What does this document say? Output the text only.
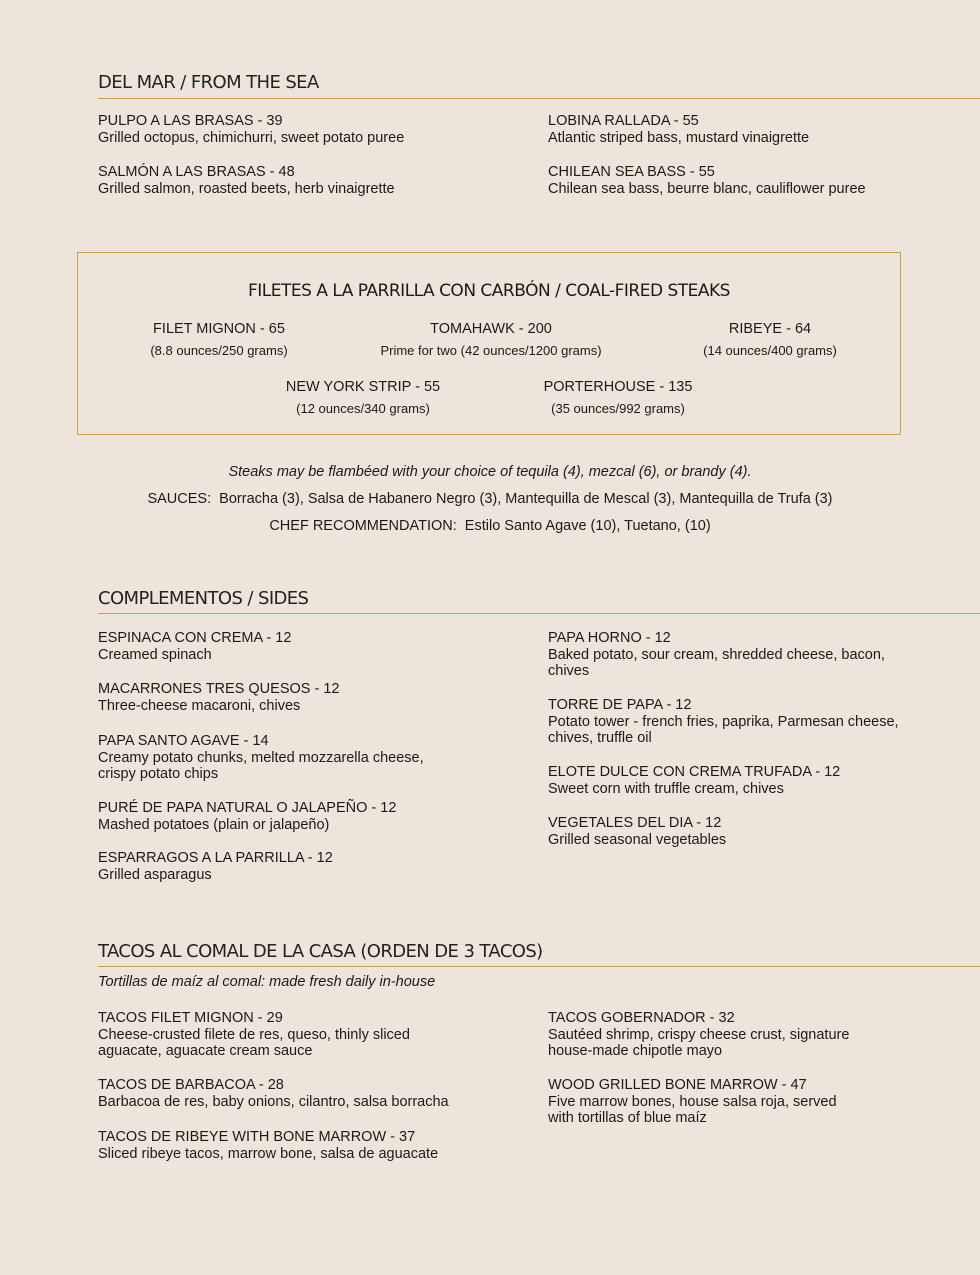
DEL MAR / FROM THE SEA
PULPO A LAS BRASAS - 39
Grilled octopus, chimichurri, sweet potato puree
SALMÓN A LAS BRASAS - 48
Grilled salmon, roasted beets, herb vinaigrette
LOBINA RALLADA - 55
Atlantic striped bass, mustard vinaigrette
CHILEAN SEA BASS - 55
Chilean sea bass, beurre blanc, cauliflower puree
FILETES A LA PARRILLA CON CARBÓN / COAL-FIRED STEAKS
FILET MIGNON - 65
(8.8 ounces/250 grams)
TOMAHAWK - 200
Prime for two (42 ounces/1200 grams)
RIBEYE - 64
(14 ounces/400 grams)
NEW YORK STRIP - 55
(12 ounces/340 grams)
PORTERHOUSE - 135
(35 ounces/992 grams)
Steaks may be flambéed with your choice of tequila (4), mezcal (6), or brandy (4).
SAUCES:  Borracha (3), Salsa de Habanero Negro (3), Mantequilla de Mescal (3), Mantequilla de Trufa (3)
CHEF RECOMMENDATION:  Estilo Santo Agave (10), Tuetano, (10)
COMPLEMENTOS / SIDES
ESPINACA CON CREMA - 12
Creamed spinach
MACARRONES TRES QUESOS - 12
Three-cheese macaroni, chives
PAPA SANTO AGAVE - 14
Creamy potato chunks, melted mozzarella cheese, crispy potato chips
PURÉ DE PAPA NATURAL O JALAPEÑO - 12
Mashed potatoes (plain or jalapeño)
ESPARRAGOS A LA PARRILLA - 12
Grilled asparagus
PAPA HORNO - 12
Baked potato, sour cream, shredded cheese, bacon, chives
TORRE DE PAPA - 12
Potato tower - french fries, paprika, Parmesan cheese, chives, truffle oil
ELOTE DULCE CON CREMA TRUFADA - 12
Sweet corn with truffle cream, chives
VEGETALES DEL DIA - 12
Grilled seasonal vegetables
TACOS AL COMAL DE LA CASA (ORDEN DE 3 TACOS)
Tortillas de maíz al comal: made fresh daily in-house
TACOS FILET MIGNON - 29
Cheese-crusted filete de res, queso, thinly sliced aguacate, aguacate cream sauce
TACOS DE BARBACOA - 28
Barbacoa de res, baby onions, cilantro, salsa borracha
TACOS DE RIBEYE WITH BONE MARROW - 37
Sliced ribeye tacos, marrow bone, salsa de aguacate
TACOS GOBERNADOR - 32
Sautéed shrimp, crispy cheese crust, signature house-made chipotle mayo
WOOD GRILLED BONE MARROW - 47
Five marrow bones, house salsa roja, served with tortillas of blue maíz
